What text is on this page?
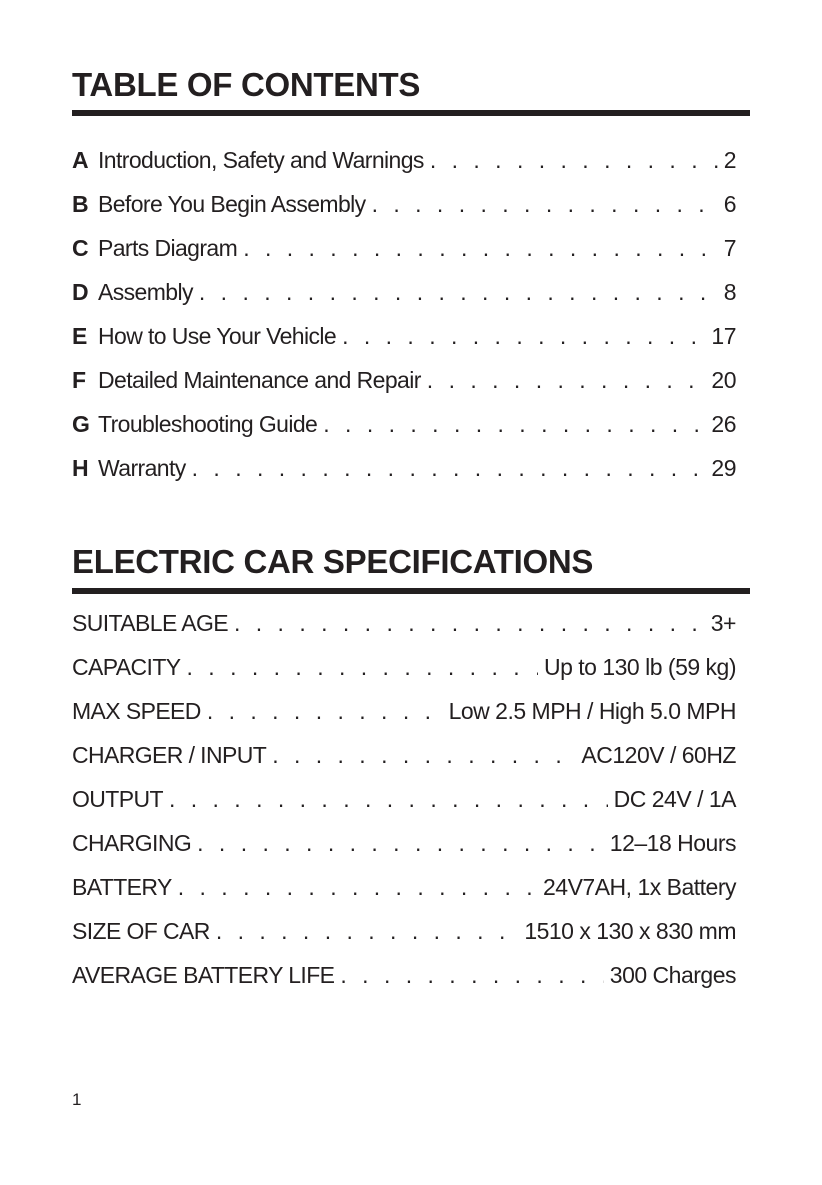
TABLE OF CONTENTS
A Introduction, Safety and Warnings . . .	2
B Before You Begin Assembly . . .	6
C Parts Diagram . . .	7
D Assembly . . .	8
E How to Use Your Vehicle . . .	17
F Detailed Maintenance and Repair . . .	20
G Troubleshooting Guide . . .	26
H Warranty . . .	29
ELECTRIC CAR SPECIFICATIONS
SUITABLE AGE . . .	3+
CAPACITY . . .	Up to 130 lb (59 kg)
MAX SPEED . . .	Low 2.5 MPH / High 5.0 MPH
CHARGER / INPUT . . .	AC120V / 60HZ
OUTPUT . . .	DC 24V / 1A
CHARGING . . .	12–18 Hours
BATTERY . . .	24V7AH, 1x Battery
SIZE OF CAR . . .	1510 x 130 x 830 mm
AVERAGE BATTERY LIFE . . .	300 Charges
1
